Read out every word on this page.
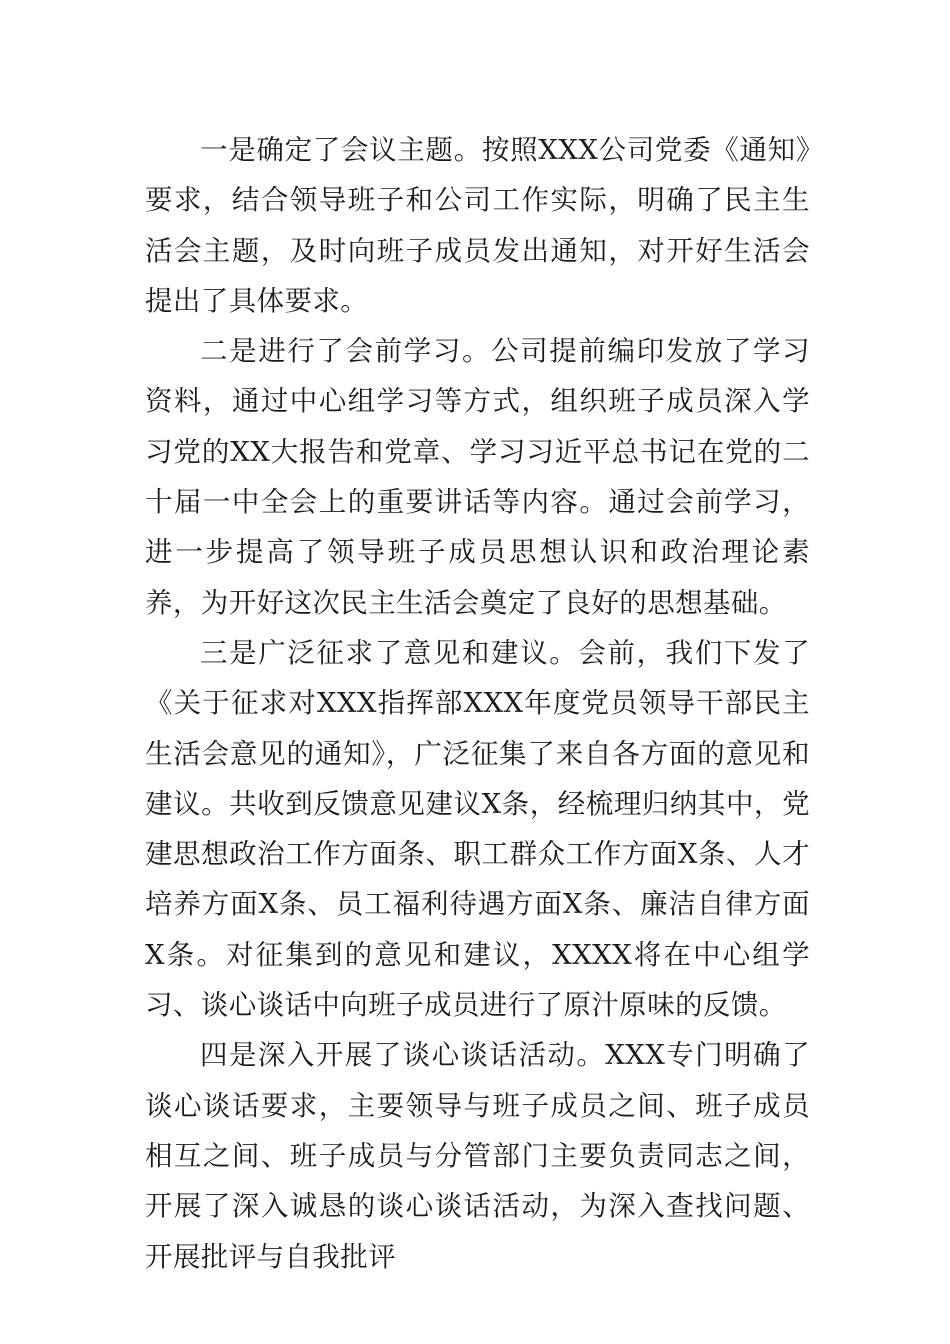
一是确定了会议主题。按照XXX公司党委《通知》要求，结合领导班子和公司工作实际，明确了民主生活会主题，及时向班子成员发出通知，对开好生活会提出了具体要求。

二是进行了会前学习。公司提前编印发放了学习资料，通过中心组学习等方式，组织班子成员深入学习党的XX大报告和党章、学习习近平总书记在党的二十届一中全会上的重要讲话等内容。通过会前学习，进一步提高了领导班子成员思想认识和政治理论素养，为开好这次民主生活会奠定了良好的思想基础。

三是广泛征求了意见和建议。会前，我们下发了《关于征求对XXX指挥部XXX年度党员领导干部民主生活会意见的通知》，广泛征集了来自各方面的意见和建议。共收到反馈意见建议X条，经梳理归纳其中，党建思想政治工作方面条、职工群众工作方面X条、人才培养方面X条、员工福利待遇方面X条、廉洁自律方面X条。对征集到的意见和建议，XXXX将在中心组学习、谈心谈话中向班子成员进行了原汁原味的反馈。

四是深入开展了谈心谈话活动。XXX专门明确了谈心谈话要求，主要领导与班子成员之间、班子成员相互之间、班子成员与分管部门主要负责同志之间，开展了深入诚恳的谈心谈话活动，为深入查找问题、开展批评与自我批评
